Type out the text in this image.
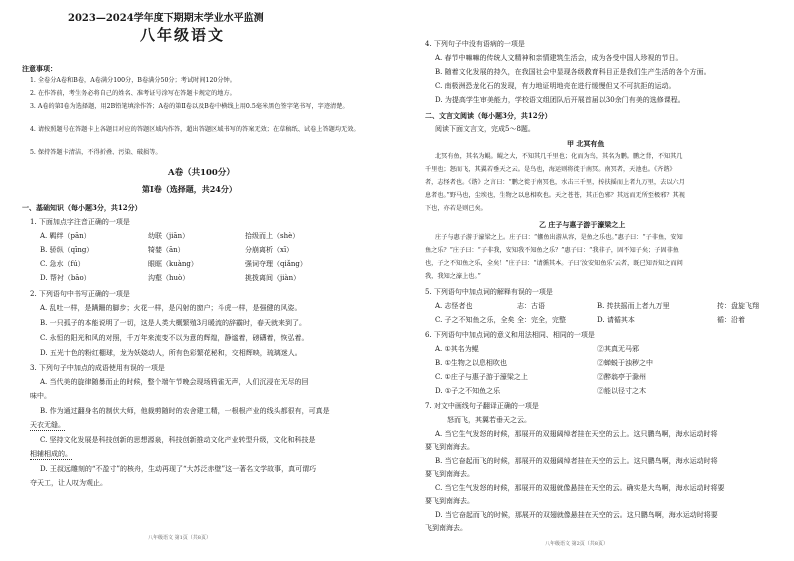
2023—2024学年度下期期末学业水平监测
八年级语文
注意事项：
1. 全卷分A卷和B卷，A卷满分100分，B卷满分50分；考试时间120分钟。
2. 在作答前，考生务必将自己的姓名、准考证号涂写在答题卡规定的地方。
3. A卷的第Ⅰ卷为选择题，用2B铅笔填涂作答；A卷的第Ⅱ卷以及B卷中横线上用0.5毫米黑色签字笔书写，字迹清楚。
4. 请按照题号在答题卡上各题目对应的答题区域内作答，超出答题区域书写的答案无效；在草稿纸、试卷上答题均无效。
5. 保持答题卡清洁，不得折叠、污染、破损等。
A卷（共100分）
第Ⅰ卷（选择题，共24分）
一、基础知识（每小题3分，共12分）
1. 下面加点字注音正确的一项是
A. 羁绊（pān）	幼联（jiān）	拾级而上（shè）
B. 骄纵（qīng）	犄婪（ān）	分崩离析（xī）
C. 急水（fú）	眼眶（kuàng）	强词夺理（qiǎng）
D. 帮衬（bāo）	沟壑（huò）	挑拨离间（jiàn）
2. 下列语句中书写正确的一项是
A. 乱吐一样，是蹒跚的脚步；火花一样，是闪射的窗户；斗虎一样，是强健的风姿。
B. 一只孤子的本能说明了一切，这是人类大概繁殖3月暖流的辞霸时，春天就来到了。
C. 永恒的阳光和风的对照，千万年来流变不以为意的辉煌，静谧着，磅礴着，恢弘着。
D. 五光十色的粉红棚球，龙为妖娆动人，所有色彩繁花秘和，交相辉映，琉璃迷人。
3. 下列句子中加点的成语使用有误的一项是
A. 当代美的旋律随暴而止的时候，整个端午节晚会现场鸦雀无声，人们沉浸在无尽的回
味中。
B. 作为通过翻身名的制伏大师，他裁剪随时的农舍建工精，一根根产业的线头都很有，可真是
天衣无缝。
C. 坚持文化发展是科技创新的思想源泉，科技创新推动文化产业转型升级，文化和科技是
相辅相成的。
D. 王叔远雕刻的“不盈寸”的核舟，生动再现了“大苏泛赤壁”这一著名文学故事，真可谓巧
夺天工，让人叹为观止。
八年级语文 第1页（共8页）
4. 下列句子中没有语病的一项是
A. 春节中嘛嘛的传统人文精神和亲情建筑生活会，成为各受中国人珍视的节日。
B. 随着文化发展的持久，在我国社会中显现各级教育科目正是我们生产生活的各个方面。
C. 南极洲恐龙化石的发现，有力地证明地壳在进行缓慢但又不可抗拒的运动。
D. 为提高学生审美能力，学校语文组团队后开展首届以30余门有美的选修课程。
二、文言文阅读（每小题3分，共12分）
阅读下面文言文，完成5～8题。
甲 北冥有鱼
北冥有鱼，其名为鲲。鲲之大，不知其几千里也；化而为鸟，其名为鹏。鹏之背，不知其几
千里也；怒而飞，其翼若垂天之云。是鸟也，海运则将徙于南冥。南冥者，天池也。《齐谐》
者，志怪者也。《谐》之言曰：“鹏之徙于南冥也，水击三千里，抟扶摇而上者九万里，去以六月
息者也。”野马也，尘埃也，生物之以息相吹也。天之苍苍，其正色邪？其远而无所至极邪？其视
下也，亦若是则已矣。
乙 庄子与惠子游于濠梁之上
庄子与惠子游于濠梁之上。庄子曰：“鯈鱼出游从容，是鱼之乐也。”惠子曰：“子非鱼，安知
鱼之乐？”庄子曰：“子非我，安知我不知鱼之乐？”惠子曰：“我非子，固不知子矣；子固非鱼
也，子之不知鱼之乐，全矣！”庄子曰：“请循其本。子曰‘汝安知鱼乐’云者，既已知吾知之而问
我，我知之濠上也。”
5. 下列语句中加点词的解释有误的一项是
A. 志怪者也	志：古语	B. 抟扶摇而上者九万里	抟：盘旋飞翔
C. 子之不知鱼之乐，全矣 全：完全，完整	D. 请循其本	循：沿着
6. 下列语句中加点词的意义和用法相同、相同的一项是
A. ①其名为鲲	②其真无马邪
B. ①生物之以息相吹也	②蝉蜕于浊秽之中
C. ①庄子与惠子游于濠梁之上	②醉翁亭于滁州
D. ①子之不知鱼之乐	②能以径寸之木
7. 对文中画线句子翻译正确的一项是
怒而飞，其翼若垂天之云。
A. 当它生气发怒的时候，那展开的双翅阔绰者挂在天空的云上。这只鹏鸟啊，海水运动时将
要飞到南海去。
B. 当它奋起而飞的时候，那展开的双翅阔绰者挂在天空的云上。这只鹏鸟啊，海水运动时将
要飞到南海去。
C. 当它生气发怒的时候，那展开的双翅就像悬挂在天空的云。确实是大鸟啊，海水运动时将要
要飞到南海去。
D. 当它奋起而飞的时候，那展开的双翅就像悬挂在天空的云。这只鹏鸟啊，海水运动时将要
飞到南海去。
八年级语文 第2页（共8页）
